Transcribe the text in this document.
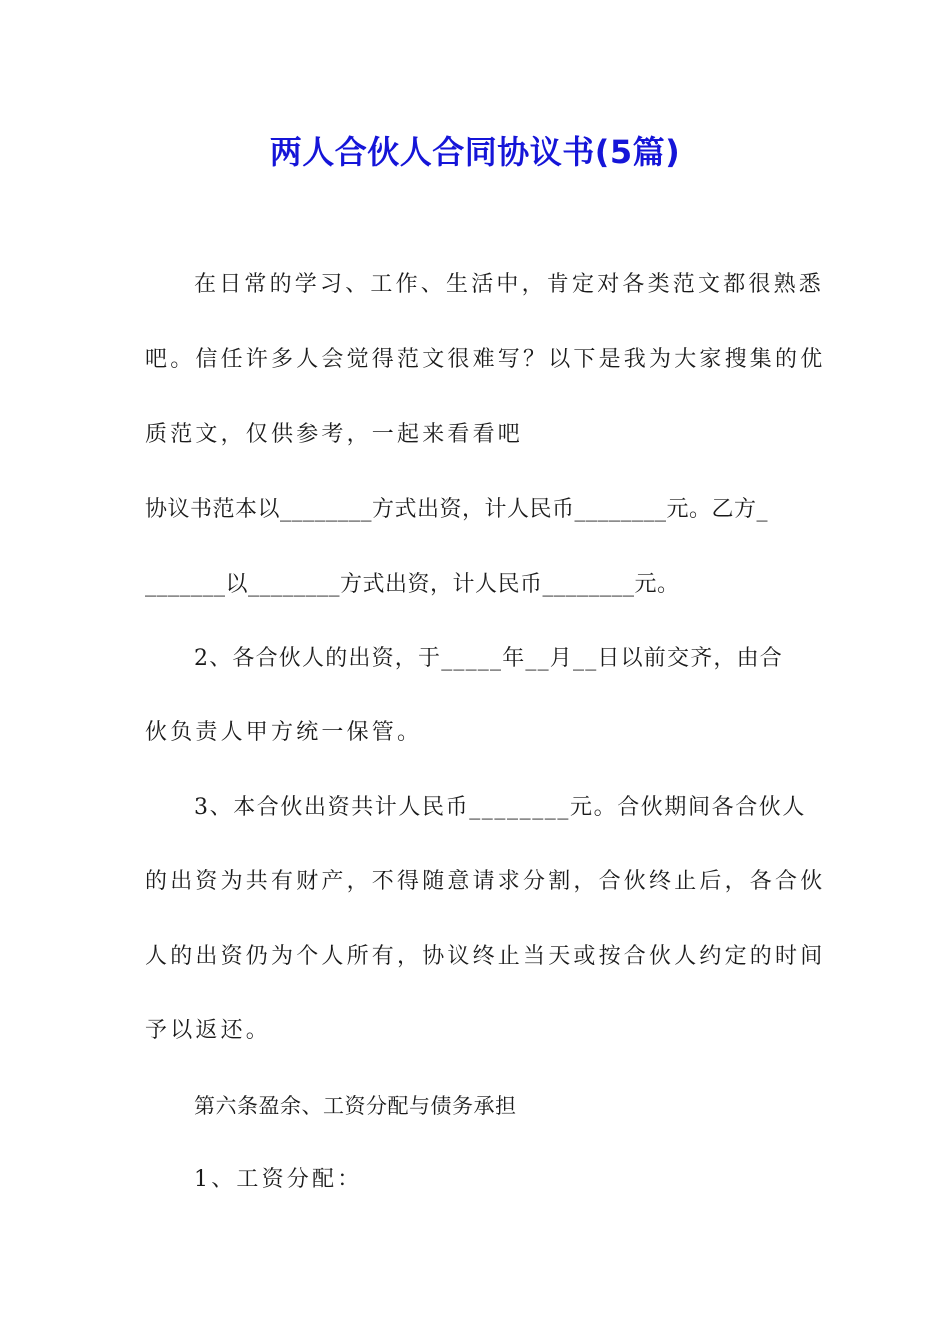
两人合伙人合同协议书(5篇)
在日常的学习、工作、生活中，肯定对各类范文都很熟悉
吧。信任许多人会觉得范文很难写？以下是我为大家搜集的优
质范文，仅供参考，一起来看看吧
协议书范本以________方式出资，计人民币________元。乙方_
_______以________方式出资，计人民币________元。
2、各合伙人的出资，于_____年__月__日以前交齐，由合
伙负责人甲方统一保管。
3、本合伙出资共计人民币________元。合伙期间各合伙人
的出资为共有财产，不得随意请求分割，合伙终止后，各合伙
人的出资仍为个人所有，协议终止当天或按合伙人约定的时间
予以返还。
第六条盈余、工资分配与债务承担
1、工资分配：
